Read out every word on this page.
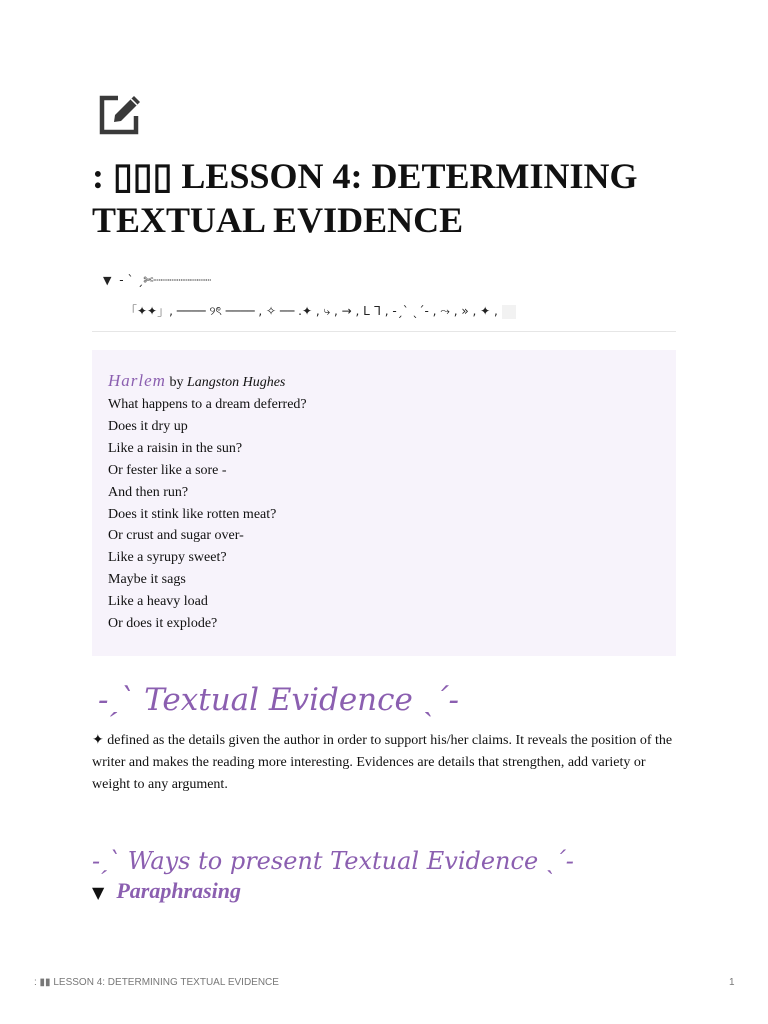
: ▯▯▯ LESSON 4: DETERMINING TEXTUAL EVIDENCE
▼ - ˋ ˏ✄┈┈┈┈┈┈┈┈
「✦✦」, ──── ୨ৎ ──── , ✧ ── .✦ , ⤷ , → , ᒪ ᒣ , -ˏˋ ˎˊ- , ⤳ , » , ✦ ,

Harlem by Langston Hughes

What happens to a dream deferred?

Does it dry up

Like a raisin in the sun?

Or fester like a sore -

And then run?

Does it stink like rotten meat?

Or crust and sugar over-

Like a syrupy sweet?

Maybe it sags

Like a heavy load

Or does it explode?

-ˏˋ Textual Evidence ˎˊ-

✦ defined as the details given the author in order to support his/her claims. It reveals the position of the writer and makes the reading more interesting. Evidences are details that strengthen, add variety or weight to any argument.

-ˏˋ Ways to present Textual Evidence ˎˊ-
▼ Paraphrasing
: ▮▮ LESSON 4: DETERMINING TEXTUAL EVIDENCE	1
